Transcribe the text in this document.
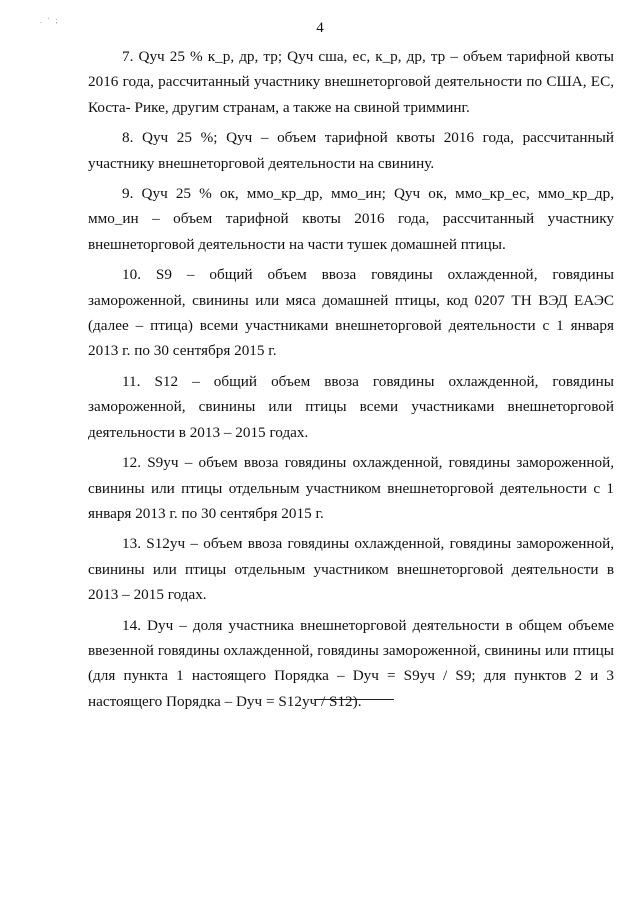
. ' ;	4

7. Qуч 25 % к_р, др, тр; Qуч сша, ес, к_р, др, тр – объем тарифной квоты 2016 года, рассчитанный участнику внешнеторговой деятельности по США, ЕС, Коста- Рике, другим странам, а также на свиной тримминг.

8. Qуч 25 %; Qуч – объем тарифной квоты 2016 года, рассчитанный участнику внешнеторговой деятельности на свинину.

9. Qуч 25 % ок, ммо_кр_др, ммо_ин; Qуч ок, ммо_кр_ес, ммо_кр_др, ммо_ин – объем тарифной квоты 2016 года, рассчитанный участнику внешнеторговой деятельности на части тушек домашней птицы.

10. S9 – общий объем ввоза говядины охлажденной, говядины замороженной, свинины или мяса домашней птицы, код 0207 ТН ВЭД ЕАЭС (далее – птица) всеми участниками внешнеторговой деятельности с 1 января 2013 г. по 30 сентября 2015 г.

11. S12 – общий объем ввоза говядины охлажденной, говядины замороженной, свинины или птицы всеми участниками внешнеторговой деятельности в 2013 – 2015 годах.

12. S9уч – объем ввоза говядины охлажденной, говядины замороженной, свинины или птицы отдельным участником внешнеторговой деятельности с 1 января 2013 г. по 30 сентября 2015 г.

13. S12уч – объем ввоза говядины охлажденной, говядины замороженной, свинины или птицы отдельным участником внешнеторговой деятельности в 2013 – 2015 годах.

14. Dуч – доля участника внешнеторговой деятельности в общем объеме ввезенной говядины охлажденной, говядины замороженной, свинины или птицы (для пункта 1 настоящего Порядка – Dуч = S9уч / S9; для пунктов 2 и 3 настоящего Порядка – Dуч = S12уч / S12).
